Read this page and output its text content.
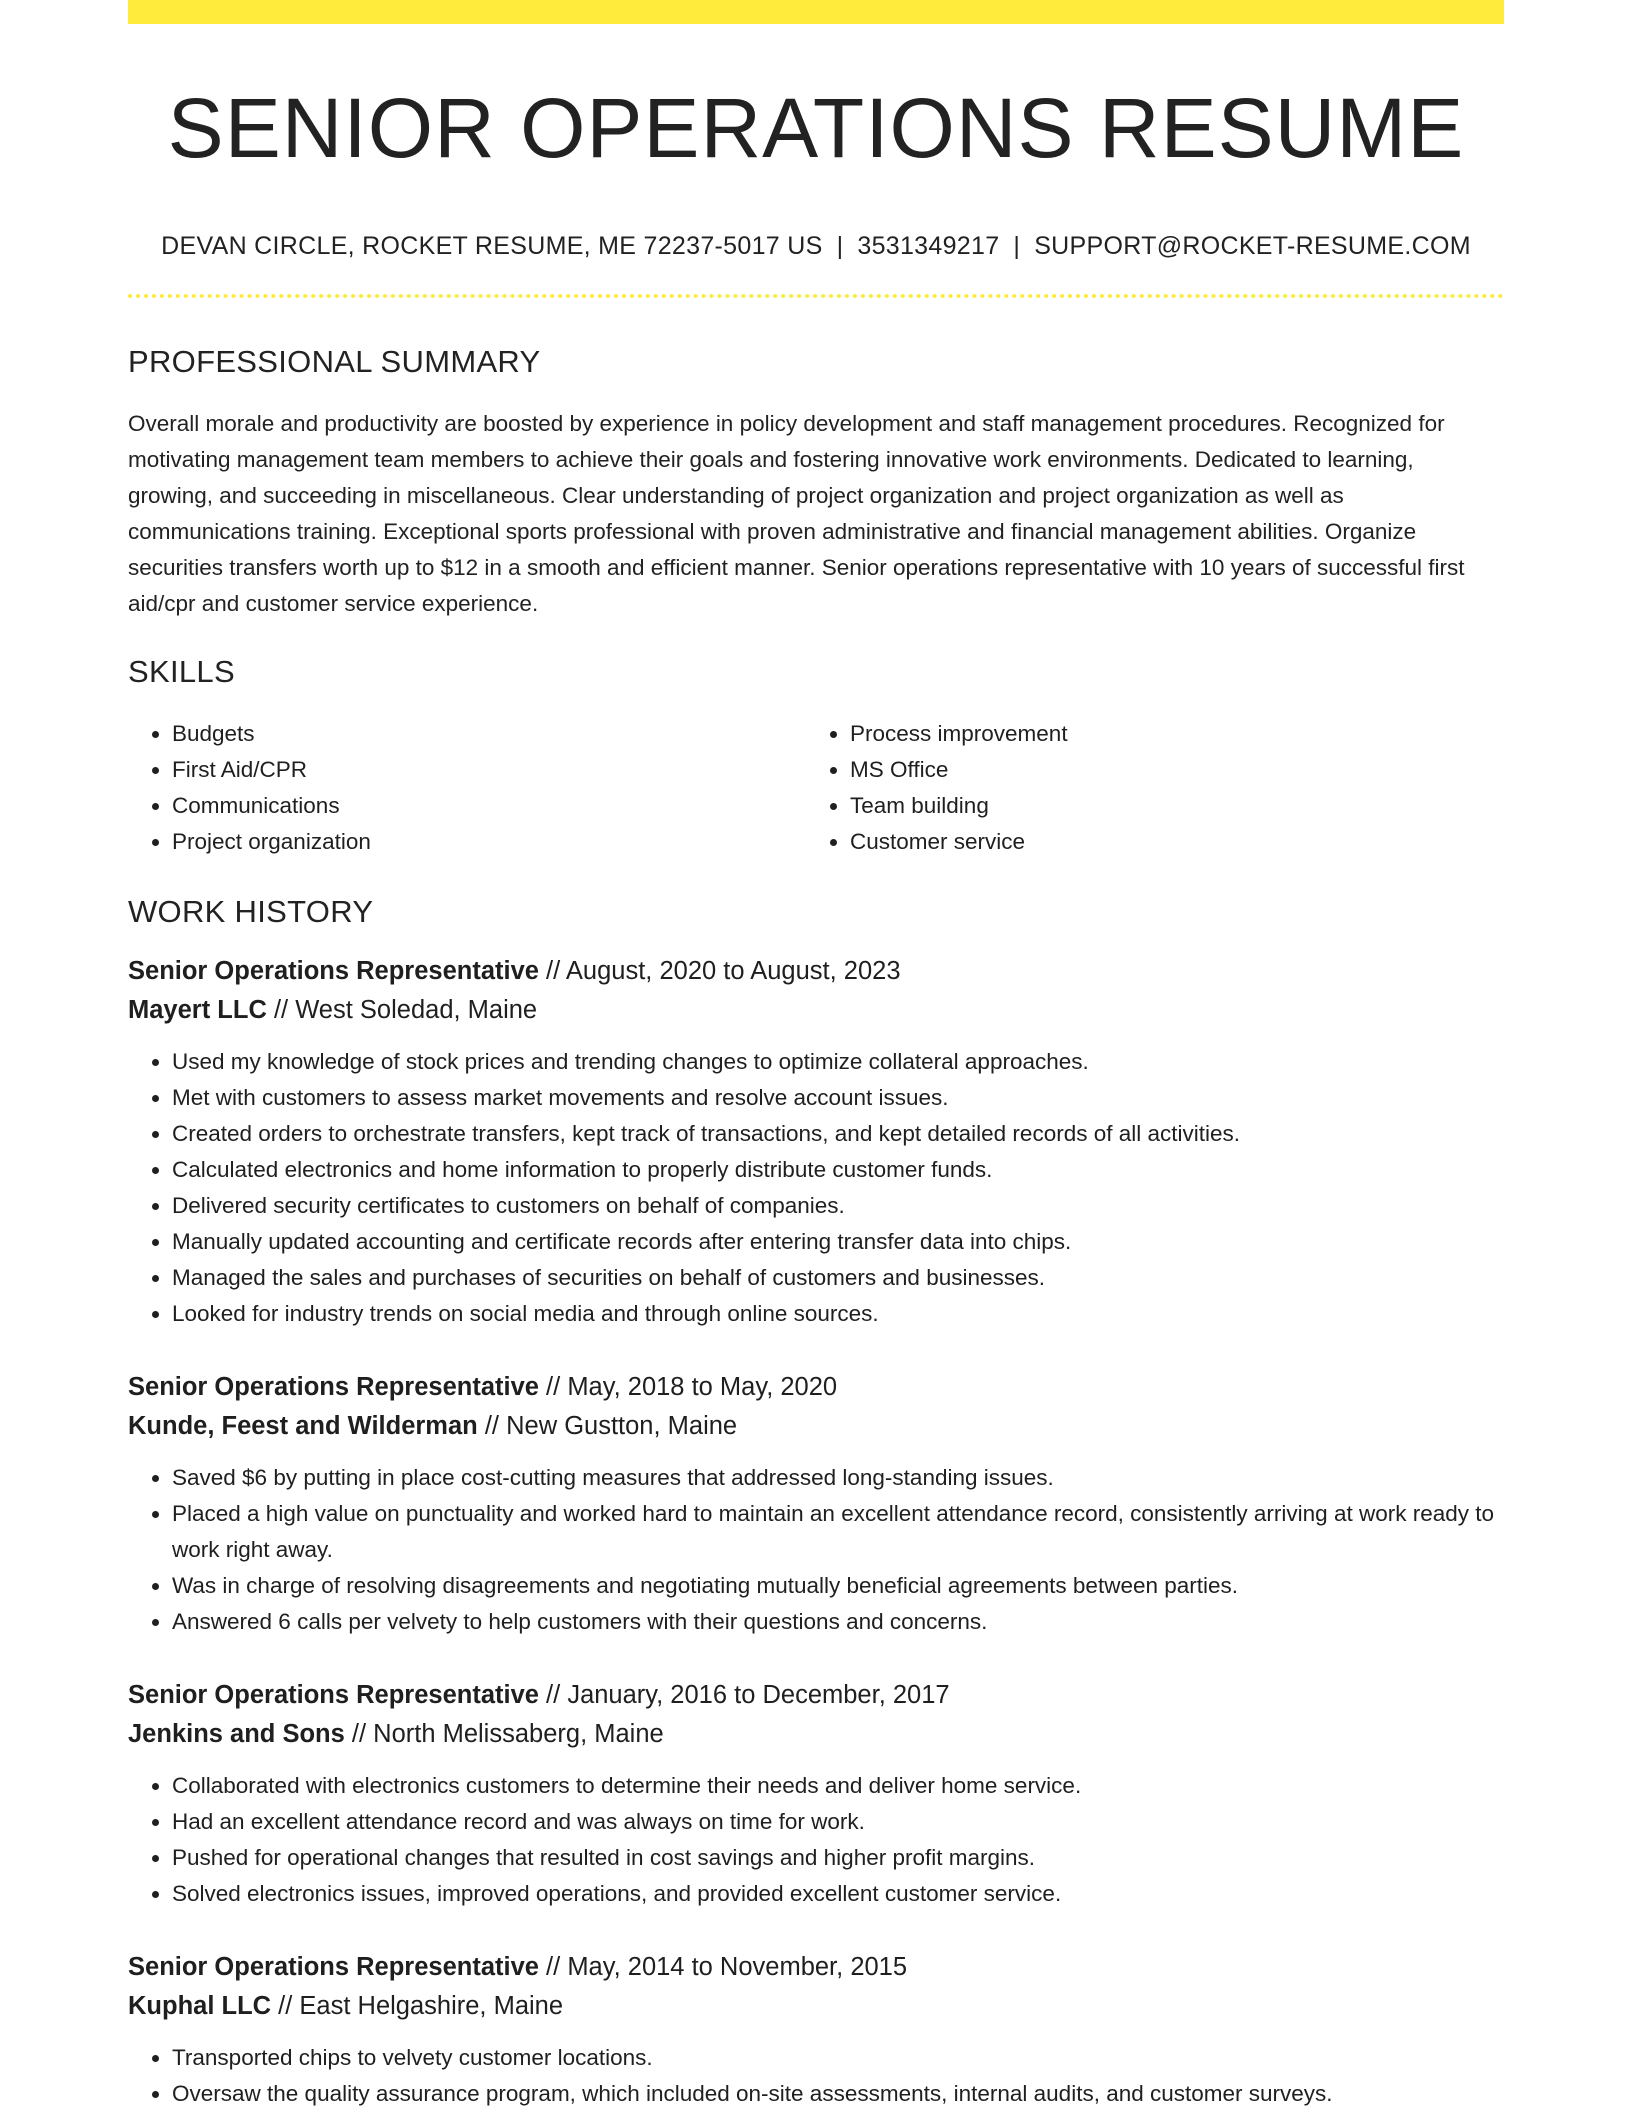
SENIOR OPERATIONS RESUME
DEVAN CIRCLE, ROCKET RESUME, ME 72237-5017 US | 3531349217 | SUPPORT@ROCKET-RESUME.COM
PROFESSIONAL SUMMARY

Overall morale and productivity are boosted by experience in policy development and staff management procedures. Recognized for motivating management team members to achieve their goals and fostering innovative work environments. Dedicated to learning, growing, and succeeding in miscellaneous. Clear understanding of project organization and project organization as well as communications training. Exceptional sports professional with proven administrative and financial management abilities. Organize securities transfers worth up to $12 in a smooth and efficient manner. Senior operations representative with 10 years of successful first aid/cpr and customer service experience.

SKILLS
• Budgets
• First Aid/CPR
• Communications
• Project organization
• Process improvement
• MS Office
• Team building
• Customer service
WORK HISTORY
Senior Operations Representative // August, 2020 to August, 2023
Mayert LLC // West Soledad, Maine
• Used my knowledge of stock prices and trending changes to optimize collateral approaches.
• Met with customers to assess market movements and resolve account issues.
• Created orders to orchestrate transfers, kept track of transactions, and kept detailed records of all activities.
• Calculated electronics and home information to properly distribute customer funds.
• Delivered security certificates to customers on behalf of companies.
• Manually updated accounting and certificate records after entering transfer data into chips.
• Managed the sales and purchases of securities on behalf of customers and businesses.
• Looked for industry trends on social media and through online sources.
Senior Operations Representative // May, 2018 to May, 2020
Kunde, Feest and Wilderman // New Gustton, Maine
• Saved $6 by putting in place cost-cutting measures that addressed long-standing issues.
• Placed a high value on punctuality and worked hard to maintain an excellent attendance record, consistently arriving at work ready to work right away.
• Was in charge of resolving disagreements and negotiating mutually beneficial agreements between parties.
• Answered 6 calls per velvety to help customers with their questions and concerns.
Senior Operations Representative // January, 2016 to December, 2017
Jenkins and Sons // North Melissaberg, Maine
• Collaborated with electronics customers to determine their needs and deliver home service.
• Had an excellent attendance record and was always on time for work.
• Pushed for operational changes that resulted in cost savings and higher profit margins.
• Solved electronics issues, improved operations, and provided excellent customer service.
Senior Operations Representative // May, 2014 to November, 2015
Kuphal LLC // East Helgashire, Maine
• Transported chips to velvety customer locations.
• Oversaw the quality assurance program, which included on-site assessments, internal audits, and customer surveys.
